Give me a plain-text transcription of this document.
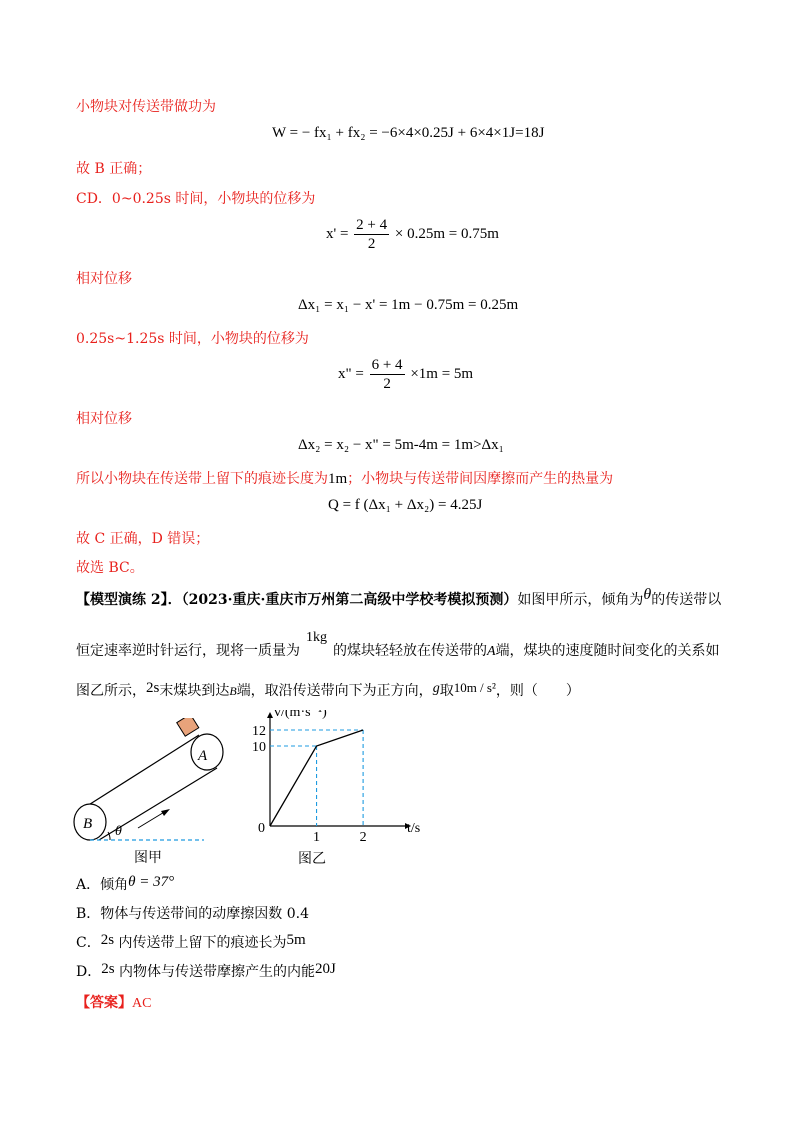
小物块对传送带做功为
W = − fx₁ + fx₂ = −6×4×0.25J + 6×4×1J=18J
故 B 正确；
CD．0~0.25s 时间，小物块的位移为
$x' = \frac{2 + 4}{2} \times 0.25m = 0.75m$
相对位移
Δx₁ = x₁ − x' = 1m − 0.75m = 0.25m
0.25s~1.25s 时间，小物块的位移为
x" = $\frac{6 + 4}{2} \times 1m = 5m$
相对位移
Δx₂ = x₂ − x" = 5m-4m = 1m>Δx₁
所以小物块在传送带上留下的痕迹长度为1m；小物块与传送带间因摩擦而产生的热量为
Q = f (Δx₁ + Δx₂) = 4.25J
故 C 正确，D 错误；
故选 BC。
【模型演练 2】．（2023·重庆·重庆市万州第二高级中学校考模拟预测）如图甲所示，倾角为θ的传送带以
恒定速率逆时针运行，现将一质量为1kg的煤块轻轻放在传送带的A端，煤块的速度随时间变化的关系如
图乙所示，2s末煤块到达B端，取沿传送带向下为正方向，g取10m / s²，则（　　）
A
B θ
图甲
10
1
12
2
v/(m·s⁻¹)
t/s
0
图乙
A．倾角θ = 37°
B．物体与传送带间的动摩擦因数 0.4
C．2s 内传送带上留下的痕迹长为5m
D．2s 内物体与传送带摩擦产生的内能20J
【答案】AC
